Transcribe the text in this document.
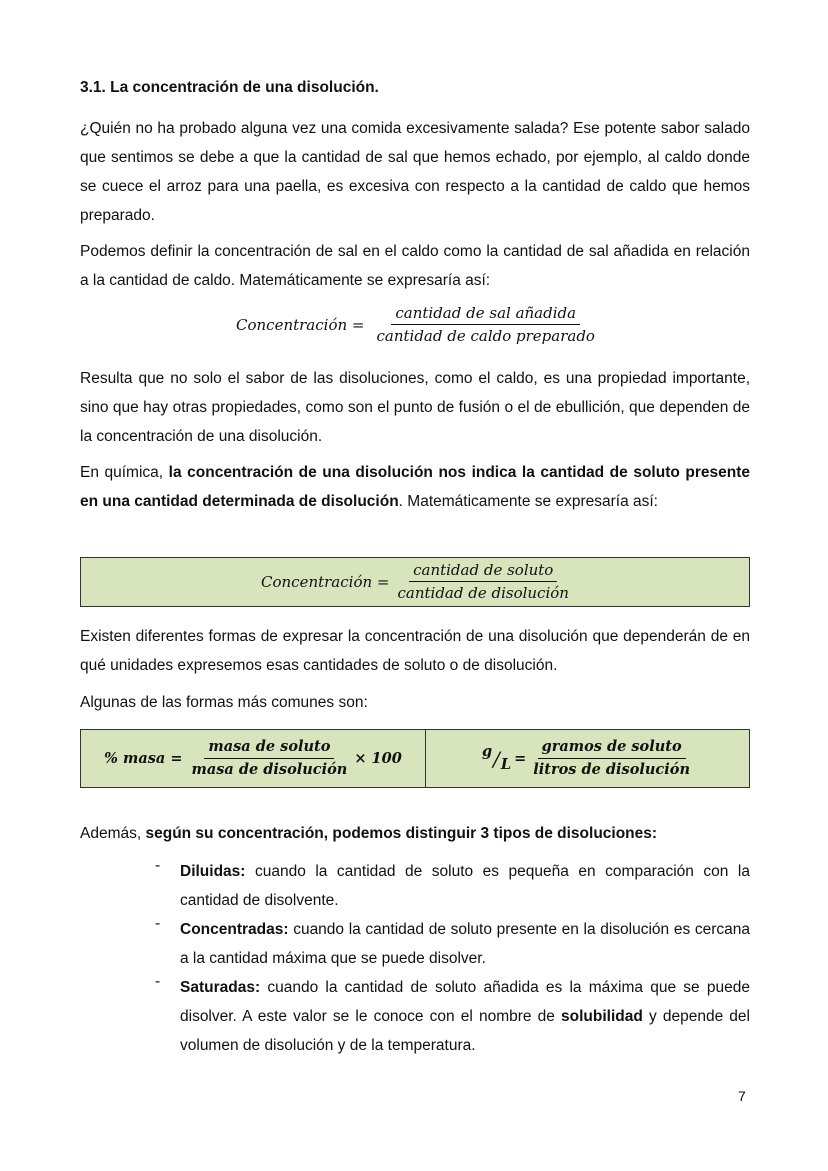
3.1. La concentración de una disolución.
¿Quién no ha probado alguna vez una comida excesivamente salada? Ese potente sabor salado que sentimos se debe a que la cantidad de sal que hemos echado, por ejemplo, al caldo donde se cuece el arroz para una paella, es excesiva con respecto a la cantidad de caldo que hemos preparado.
Podemos definir la concentración de sal en el caldo como la cantidad de sal añadida en relación a la cantidad de caldo. Matemáticamente se expresaría así:
Concentración = $\frac{\text{cantidad de sal añadida}}{\text{cantidad de caldo preparado}}$
Resulta que no solo el sabor de las disoluciones, como el caldo, es una propiedad importante, sino que hay otras propiedades, como son el punto de fusión o el de ebullición, que dependen de la concentración de una disolución.
En química, la concentración de una disolución nos indica la cantidad de soluto presente en una cantidad determinada de disolución. Matemáticamente se expresaría así:
Concentración = $\frac{\text{cantidad de soluto}}{\text{cantidad de disolución}}$
Existen diferentes formas de expresar la concentración de una disolución que dependerán de en qué unidades expresemos esas cantidades de soluto o de disolución.
Algunas de las formas más comunes son:
% masa = $\frac{\text{masa de soluto}}{\text{masa de disolución}} \times 100$	$g / L = \frac{\text{gramos de soluto}}{\text{litros de disolución}}$
Además, según su concentración, podemos distinguir 3 tipos de disoluciones:
- Diluidas: cuando la cantidad de soluto es pequeña en comparación con la cantidad de disolvente.
- Concentradas: cuando la cantidad de soluto presente en la disolución es cercana a la cantidad máxima que se puede disolver.
- Saturadas: cuando la cantidad de soluto añadida es la máxima que se puede disolver. A este valor se le conoce con el nombre de solubilidad y depende del volumen de disolución y de la temperatura.
7
